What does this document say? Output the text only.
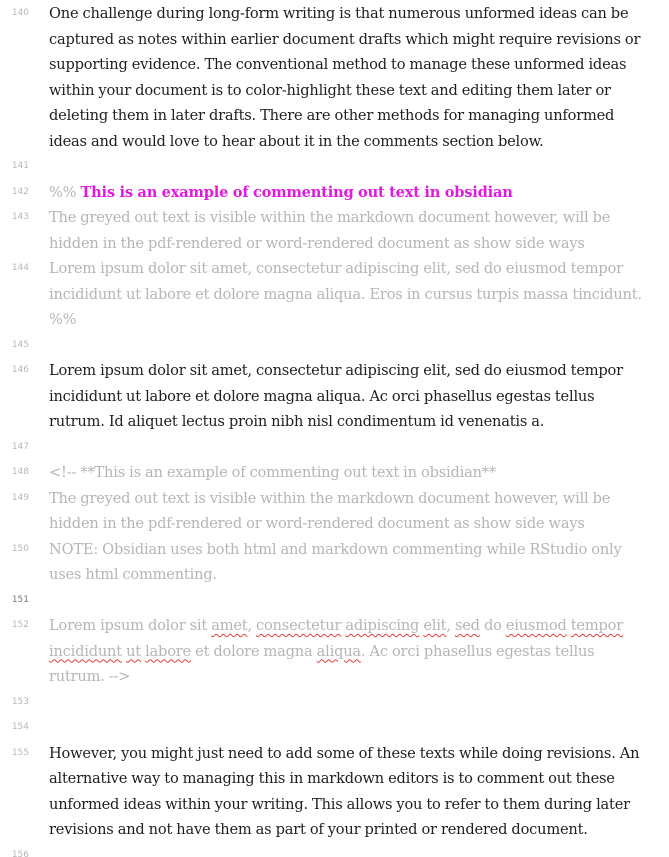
140 One challenge during long-form writing is that numerous unformed ideas can be captured as notes within earlier document drafts which might require revisions or supporting evidence. The conventional method to manage these unformed ideas within your document is to color-highlight these text and editing them later or deleting them in later drafts. There are other methods for managing unformed ideas and would love to hear about it in the comments section below.
141
142 %% This is an example of commenting out text in obsidian
143 The greyed out text is visible within the markdown document however, will be hidden in the pdf-rendered or word-rendered document as show side ways
144 Lorem ipsum dolor sit amet, consectetur adipiscing elit, sed do eiusmod tempor incididunt ut labore et dolore magna aliqua. Eros in cursus turpis massa tincidunt. %%
145
146 Lorem ipsum dolor sit amet, consectetur adipiscing elit, sed do eiusmod tempor incididunt ut labore et dolore magna aliqua. Ac orci phasellus egestas tellus rutrum. Id aliquet lectus proin nibh nisl condimentum id venenatis a.
147
148 <!-- **This is an example of commenting out text in obsidian**
149 The greyed out text is visible within the markdown document however, will be hidden in the pdf-rendered or word-rendered document as show side ways
150 NOTE: Obsidian uses both html and markdown commenting while RStudio only uses html commenting.
151
152 Lorem ipsum dolor sit amet, consectetur adipiscing elit, sed do eiusmod tempor incididunt ut labore et dolore magna aliqua. Ac orci phasellus egestas tellus rutrum. -->
153
154
155 However, you might just need to add some of these texts while doing revisions. An alternative way to managing this in markdown editors is to comment out these unformed ideas within your writing. This allows you to refer to them during later revisions and not have them as part of your printed or rendered document.
156
